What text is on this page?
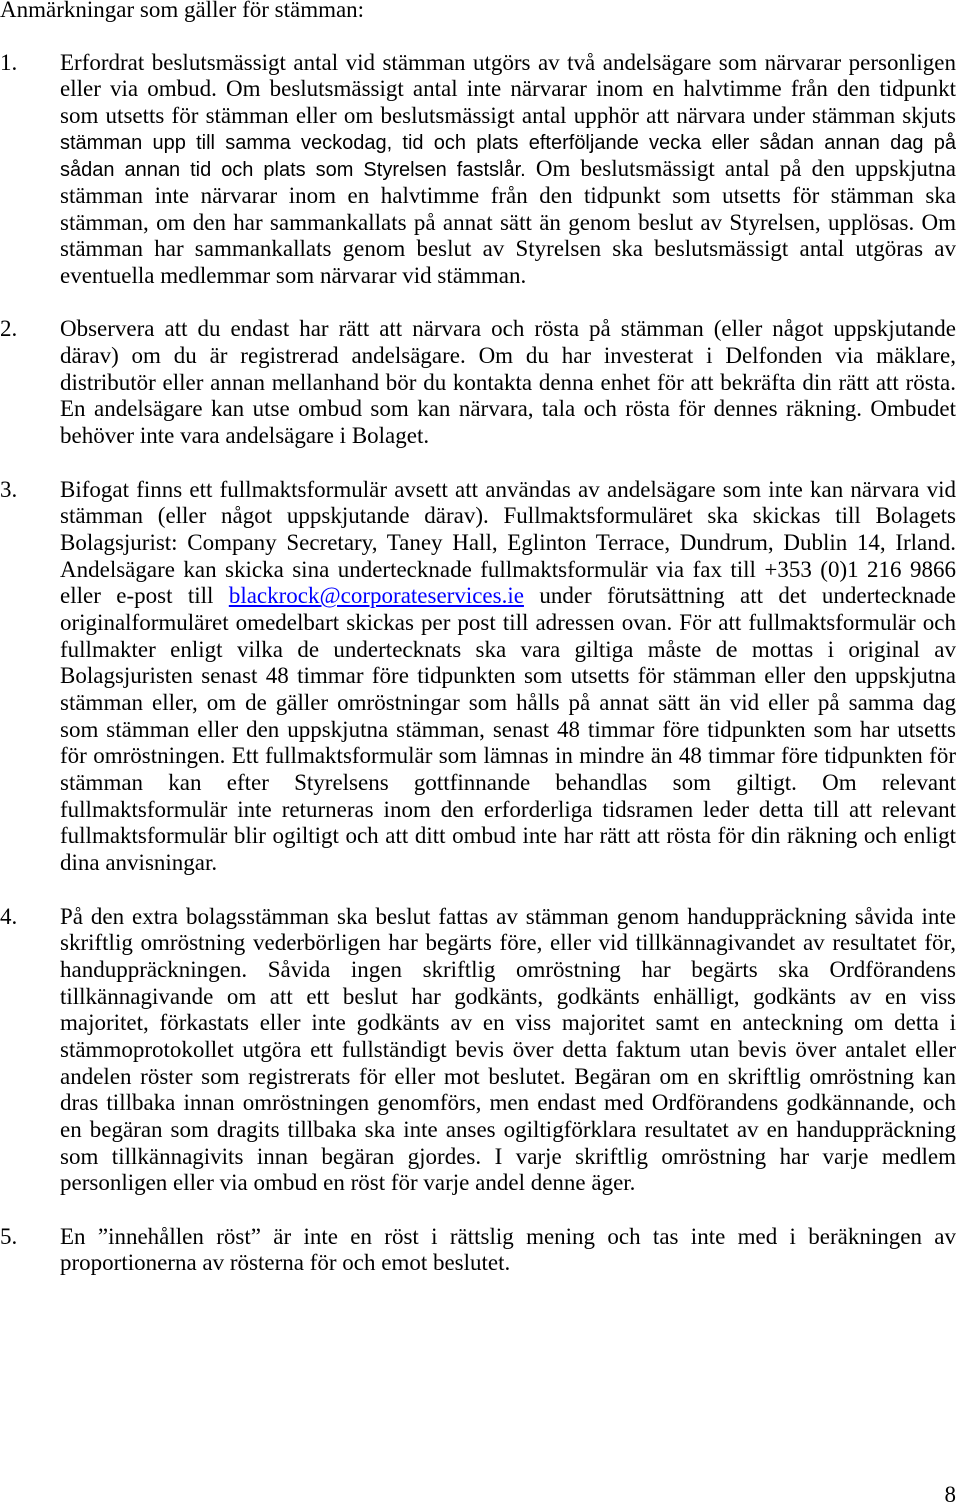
Anmärkningar som gäller för stämman:
1. Erfordrat beslutsmässigt antal vid stämman utgörs av två andelsägare som närvarar personligen
eller via ombud. Om beslutsmässigt antal inte närvarar inom en halvtimme från den tidpunkt
som utsetts för stämman eller om beslutsmässigt antal upphör att närvara under stämman skjuts
stämman upp till samma veckodag, tid och plats efterföljande vecka eller sådan annan dag på
sådan annan tid och plats som Styrelsen fastslår. Om beslutsmässigt antal på den uppskjutna
stämman inte närvarar inom en halvtimme från den tidpunkt som utsetts för stämman ska
stämman, om den har sammankallats på annat sätt än genom beslut av Styrelsen, upplösas. Om
stämman har sammankallats genom beslut av Styrelsen ska beslutsmässigt antal utgöras av
eventuella medlemmar som närvarar vid stämman.
2. Observera att du endast har rätt att närvara och rösta på stämman (eller något uppskjutande
därav) om du är registrerad andelsägare. Om du har investerat i Delfonden via mäklare,
distributör eller annan mellanhand bör du kontakta denna enhet för att bekräfta din rätt att rösta.
En andelsägare kan utse ombud som kan närvara, tala och rösta för dennes räkning. Ombudet
behöver inte vara andelsägare i Bolaget.
3. Bifogat finns ett fullmaktsformulär avsett att användas av andelsägare som inte kan närvara vid
stämman (eller något uppskjutande därav). Fullmaktsformuläret ska skickas till Bolagets
Bolagsjurist: Company Secretary, Taney Hall, Eglinton Terrace, Dundrum, Dublin 14, Irland.
Andelsägare kan skicka sina undertecknade fullmaktsformulär via fax till +353 (0)1 216 9866
eller e-post till blackrock@corporateservices.ie under förutsättning att det undertecknade
originalformuläret omedelbart skickas per post till adressen ovan. För att fullmaktsformulär och
fullmakter enligt vilka de undertecknats ska vara giltiga måste de mottas i original av
Bolagsjuristen senast 48 timmar före tidpunkten som utsetts för stämman eller den uppskjutna
stämman eller, om de gäller omröstningar som hålls på annat sätt än vid eller på samma dag
som stämman eller den uppskjutna stämman, senast 48 timmar före tidpunkten som har utsetts
för omröstningen. Ett fullmaktsformulär som lämnas in mindre än 48 timmar före tidpunkten för
stämman kan efter Styrelsens gottfinnande behandlas som giltigt. Om relevant
fullmaktsformulär inte returneras inom den erforderliga tidsramen leder detta till att relevant
fullmaktsformulär blir ogiltigt och att ditt ombud inte har rätt att rösta för din räkning och enligt
dina anvisningar.
4. På den extra bolagsstämman ska beslut fattas av stämman genom handuppräckning såvida inte
skriftlig omröstning vederbörligen har begärts före, eller vid tillkännagivandet av resultatet för,
handuppräckningen. Såvida ingen skriftlig omröstning har begärts ska Ordförandens
tillkännagivande om att ett beslut har godkänts, godkänts enhälligt, godkänts av en viss
majoritet, förkastats eller inte godkänts av en viss majoritet samt en anteckning om detta i
stämmoprotokollet utgöra ett fullständigt bevis över detta faktum utan bevis över antalet eller
andelen röster som registrerats för eller mot beslutet. Begäran om en skriftlig omröstning kan
dras tillbaka innan omröstningen genomförs, men endast med Ordförandens godkännande, och
en begäran som dragits tillbaka ska inte anses ogiltigförklara resultatet av en handuppräckning
som tillkännagivits innan begäran gjordes. I varje skriftlig omröstning har varje medlem
personligen eller via ombud en röst för varje andel denne äger.
5. En ”innehållen röst” är inte en röst i rättslig mening och tas inte med i beräkningen av
proportionerna av rösterna för och emot beslutet.
8
